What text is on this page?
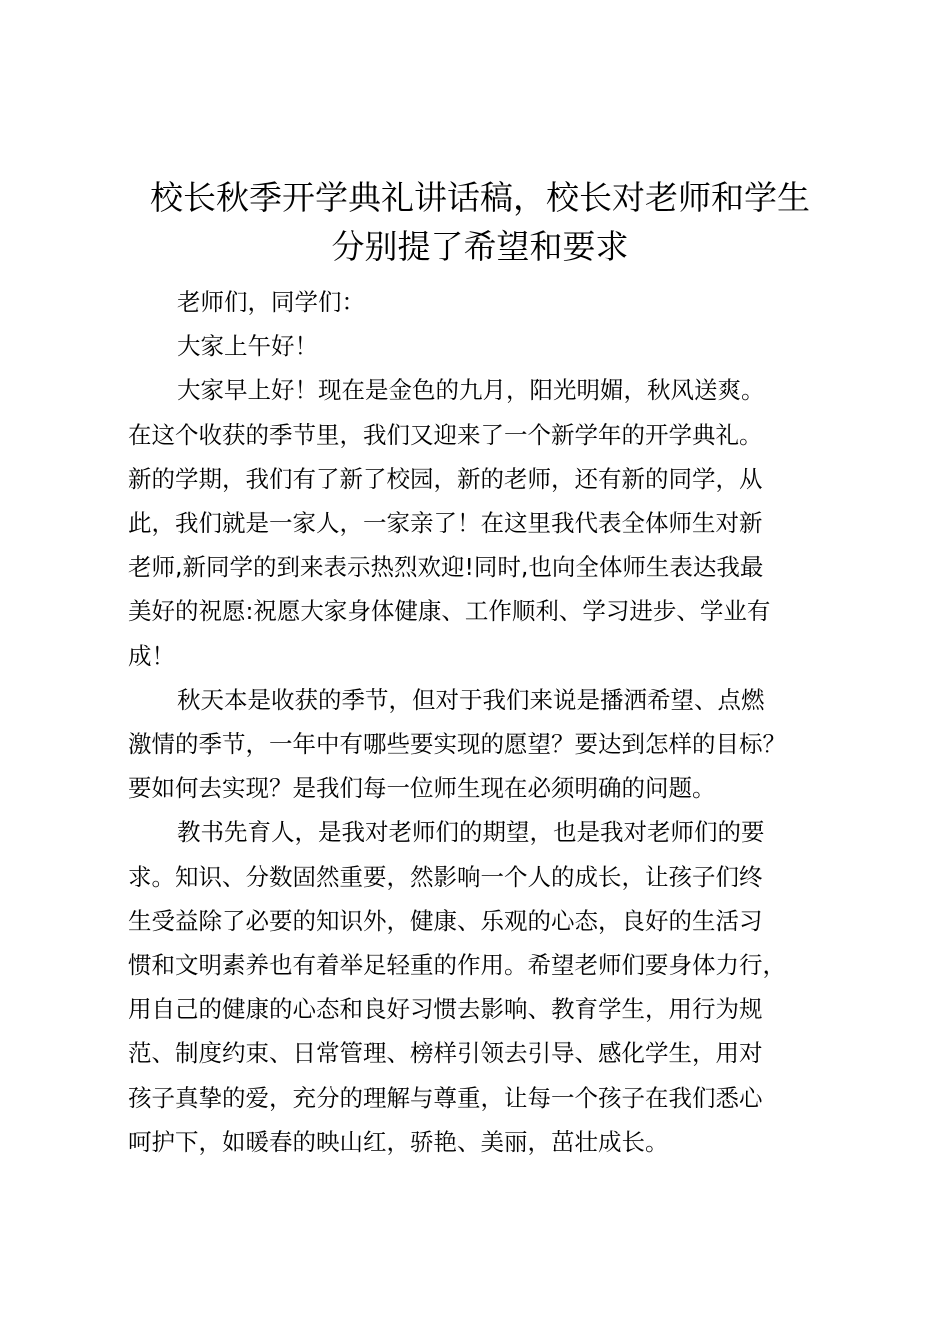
校长秋季开学典礼讲话稿，校长对老师和学生
分别提了希望和要求

老师们，同学们：

大家上午好！

大家早上好！现在是金色的九月，阳光明媚，秋风送爽。
在这个收获的季节里，我们又迎来了一个新学年的开学典礼。
新的学期，我们有了新了校园，新的老师，还有新的同学，从
此，我们就是一家人，一家亲了！在这里我代表全体师生对新
老师,新同学的到来表示热烈欢迎!同时,也向全体师生表达我最
美好的祝愿:祝愿大家身体健康、工作顺利、学习进步、学业有
成！

秋天本是收获的季节，但对于我们来说是播洒希望、点燃
激情的季节，一年中有哪些要实现的愿望？要达到怎样的目标？
要如何去实现？是我们每一位师生现在必须明确的问题。

教书先育人，是我对老师们的期望，也是我对老师们的要
求。知识、分数固然重要，然影响一个人的成长，让孩子们终
生受益除了必要的知识外，健康、乐观的心态，良好的生活习
惯和文明素养也有着举足轻重的作用。希望老师们要身体力行，
用自己的健康的心态和良好习惯去影响、教育学生，用行为规
范、制度约束、日常管理、榜样引领去引导、感化学生，用对
孩子真挚的爱，充分的理解与尊重，让每一个孩子在我们悉心
呵护下，如暖春的映山红，骄艳、美丽，茁壮成长。
